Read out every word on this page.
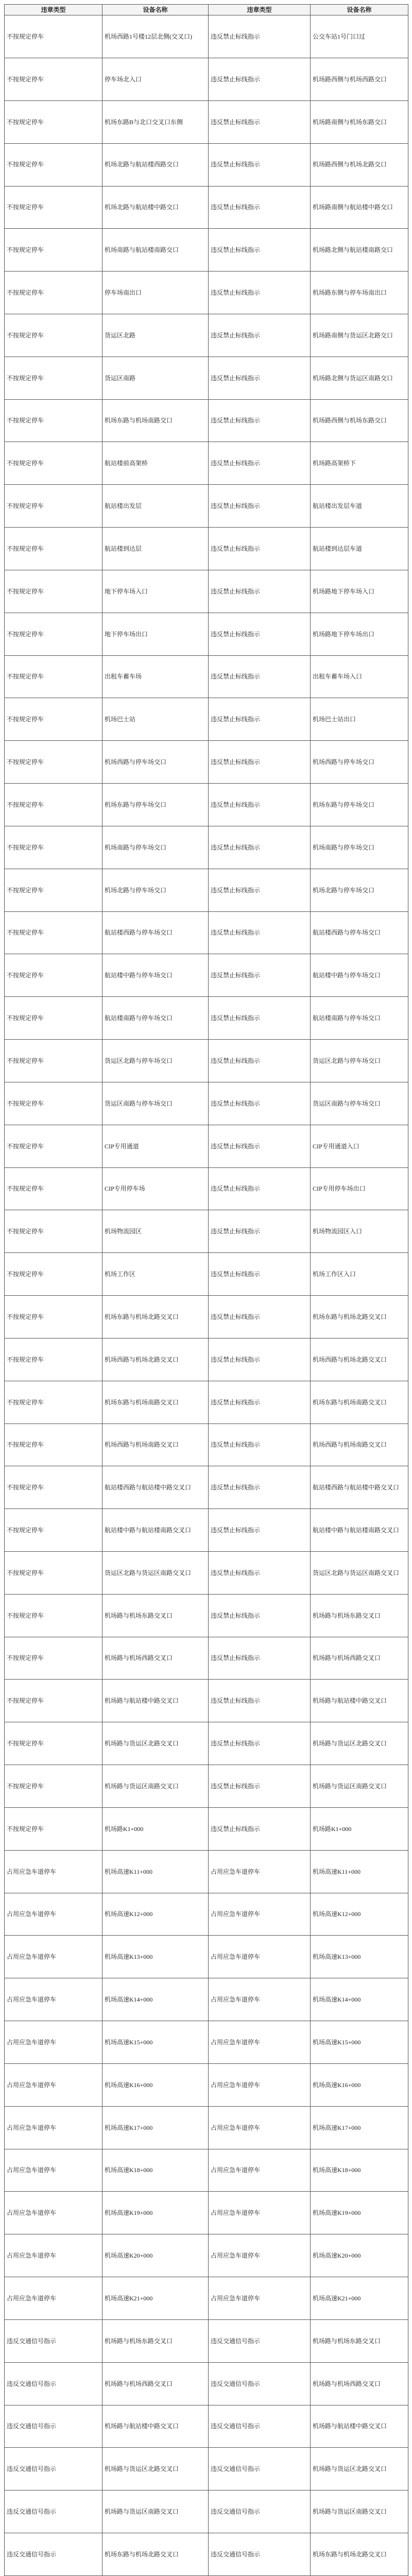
违章类型	设备名称	违章类型	设备名称
不按规定停车	机场西路1号楼12层北侧(交叉口)	违反禁止标线指示	公交车站1号门口过
不按规定停车	停车场北入口	违反禁止标线指示	机场路西侧与机场西路交口
不按规定停车	机场东路B与北口交叉口东侧	违反禁止标线指示	机场路南侧与机场东路交口
不按规定停车	机场北路与航站楼西路交口	违反禁止标线指示	机场路西侧与机场北路交口
不按规定停车	机场北路与航站楼中路交口	违反禁止标线指示	机场路南侧与航站楼中路交口
不按规定停车	机场南路与航站楼南路交口	违反禁止标线指示	机场路北侧与航站楼南路交口
不按规定停车	停车场南出口	违反禁止标线指示	机场路东侧与停车场南出口
不按规定停车	货运区北路	违反禁止标线指示	机场路南侧与货运区北路交口
不按规定停车	货运区南路	违反禁止标线指示	机场路北侧与货运区南路交口
不按规定停车	机场东路与机场南路交口	违反禁止标线指示	机场路西侧与机场东路交口
不按规定停车	航站楼前高架桥	违反禁止标线指示	机场路高架桥下
不按规定停车	航站楼出发层	违反禁止标线指示	航站楼出发层车道
不按规定停车	航站楼到达层	违反禁止标线指示	航站楼到达层车道
不按规定停车	地下停车场入口	违反禁止标线指示	机场路地下停车场入口
不按规定停车	地下停车场出口	违反禁止标线指示	机场路地下停车场出口
不按规定停车	出租车蓄车场	违反禁止标线指示	出租车蓄车场入口
不按规定停车	机场巴士站	违反禁止标线指示	机场巴士站出口
不按规定停车	机场西路与停车场交口	违反禁止标线指示	机场西路与停车场交口
不按规定停车	机场东路与停车场交口	违反禁止标线指示	机场东路与停车场交口
不按规定停车	机场南路与停车场交口	违反禁止标线指示	机场南路与停车场交口
不按规定停车	机场北路与停车场交口	违反禁止标线指示	机场北路与停车场交口
不按规定停车	航站楼西路与停车场交口	违反禁止标线指示	航站楼西路与停车场交口
不按规定停车	航站楼中路与停车场交口	违反禁止标线指示	航站楼中路与停车场交口
不按规定停车	航站楼南路与停车场交口	违反禁止标线指示	航站楼南路与停车场交口
不按规定停车	货运区北路与停车场交口	违反禁止标线指示	货运区北路与停车场交口
不按规定停车	货运区南路与停车场交口	违反禁止标线指示	货运区南路与停车场交口
不按规定停车	CIP专用通道	违反禁止标线指示	CIP专用通道入口
不按规定停车	CIP专用停车场	违反禁止标线指示	CIP专用停车场出口
不按规定停车	机场物流园区	违反禁止标线指示	机场物流园区入口
不按规定停车	机场工作区	违反禁止标线指示	机场工作区入口
不按规定停车	机场东路与机场北路交叉口	违反禁止标线指示	机场东路与机场北路交叉口
不按规定停车	机场西路与机场北路交叉口	违反禁止标线指示	机场西路与机场北路交叉口
不按规定停车	机场东路与机场南路交叉口	违反禁止标线指示	机场东路与机场南路交叉口
不按规定停车	机场西路与机场南路交叉口	违反禁止标线指示	机场西路与机场南路交叉口
不按规定停车	航站楼西路与航站楼中路交叉口	违反禁止标线指示	航站楼西路与航站楼中路交叉口
不按规定停车	航站楼中路与航站楼南路交叉口	违反禁止标线指示	航站楼中路与航站楼南路交叉口
不按规定停车	货运区北路与货运区南路交叉口	违反禁止标线指示	货运区北路与货运区南路交叉口
不按规定停车	机场路与机场东路交叉口	违反禁止标线指示	机场路与机场东路交叉口
不按规定停车	机场路与机场西路交叉口	违反禁止标线指示	机场路与机场西路交叉口
不按规定停车	机场路与航站楼中路交叉口	违反禁止标线指示	机场路与航站楼中路交叉口
不按规定停车	机场路与货运区北路交叉口	违反禁止标线指示	机场路与货运区北路交叉口
不按规定停车	机场路与货运区南路交叉口	违反禁止标线指示	机场路与货运区南路交叉口
不按规定停车	机场路K1+000	违反禁止标线指示	机场路K1+000
占用应急车道停车	机场高速K11+000	占用应急车道停车	机场高速K11+000
占用应急车道停车	机场高速K12+000	占用应急车道停车	机场高速K12+000
占用应急车道停车	机场高速K13+000	占用应急车道停车	机场高速K13+000
占用应急车道停车	机场高速K14+000	占用应急车道停车	机场高速K14+000
占用应急车道停车	机场高速K15+000	占用应急车道停车	机场高速K15+000
占用应急车道停车	机场高速K16+000	占用应急车道停车	机场高速K16+000
占用应急车道停车	机场高速K17+000	占用应急车道停车	机场高速K17+000
占用应急车道停车	机场高速K18+000	占用应急车道停车	机场高速K18+000
占用应急车道停车	机场高速K19+000	占用应急车道停车	机场高速K19+000
占用应急车道停车	机场高速K20+000	占用应急车道停车	机场高速K20+000
占用应急车道停车	机场高速K21+000	占用应急车道停车	机场高速K21+000
违反交通信号指示	机场路与机场东路交叉口	违反交通信号指示	机场路与机场东路交叉口
违反交通信号指示	机场路与机场西路交叉口	违反交通信号指示	机场路与机场西路交叉口
违反交通信号指示	机场路与航站楼中路交叉口	违反交通信号指示	机场路与航站楼中路交叉口
违反交通信号指示	机场路与货运区北路交叉口	违反交通信号指示	机场路与货运区北路交叉口
违反交通信号指示	机场路与货运区南路交叉口	违反交通信号指示	机场路与货运区南路交叉口
违反交通信号指示	机场东路与机场北路交叉口	违反交通信号指示	机场东路与机场北路交叉口
